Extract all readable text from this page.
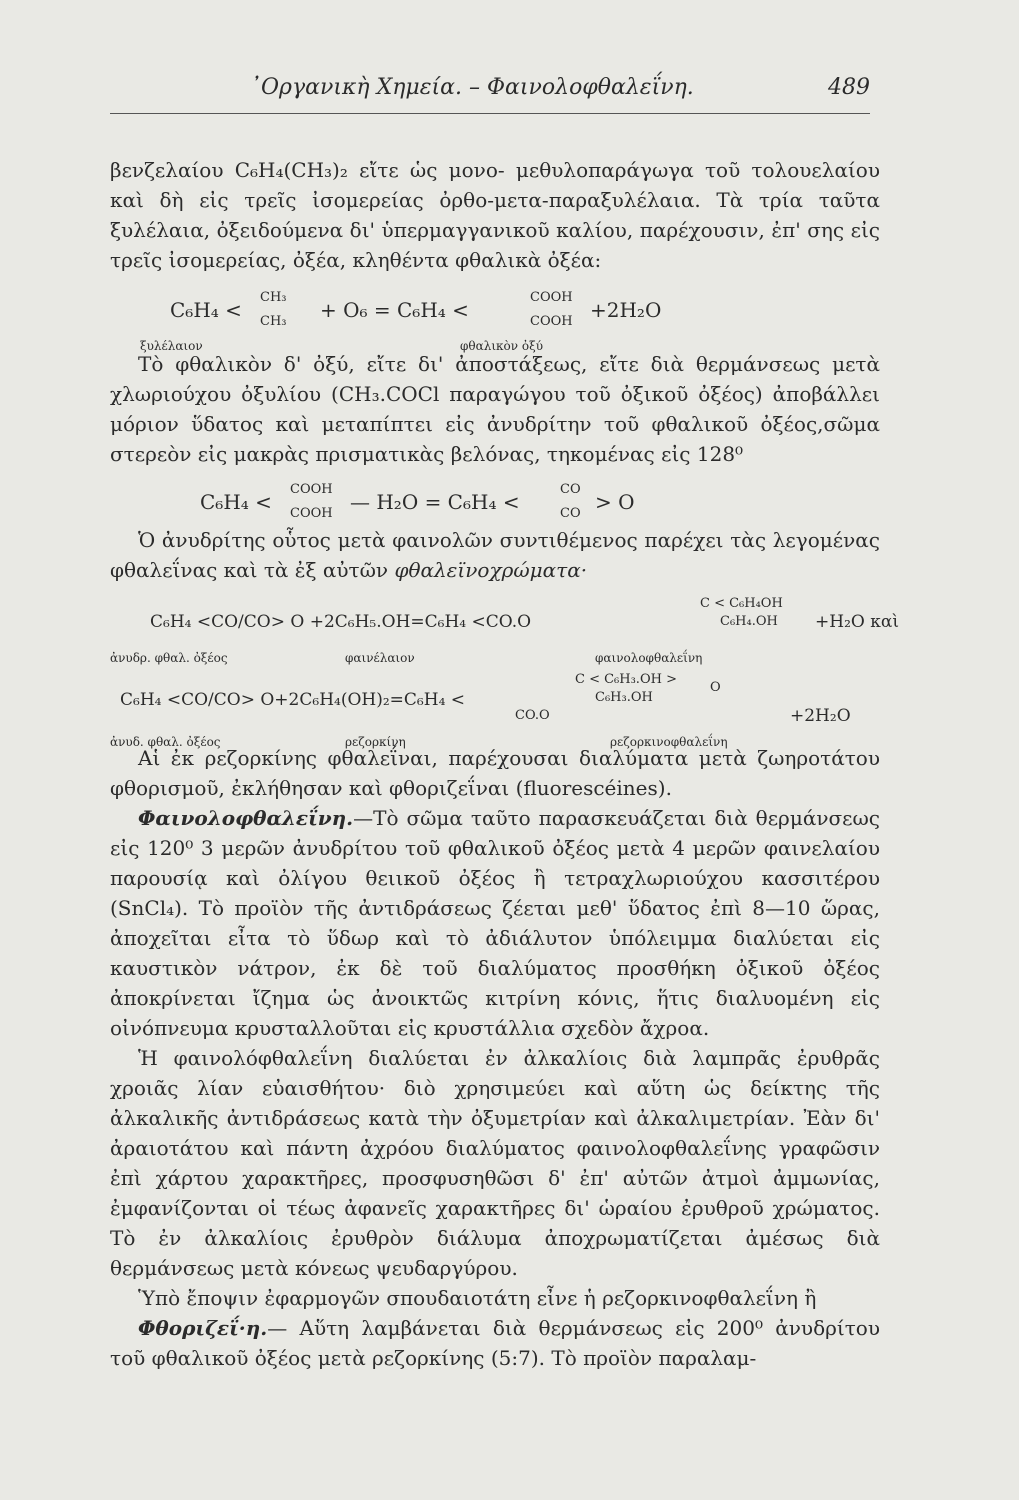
᾽Οργανικὴ Χημεία. – Φαινολοφθαλεΐνη.	489

βενζελαίου C₆H₄(CH₃)₂ εἴτε ὡς μονο- μεθυλοπαράγωγα τοῦ τολουελαίου καὶ δὴ εἰς τρεῖς ἰσομερείας ὀρθο-μετα-παραξυλέλαια. Τὰ τρία ταῦτα ξυλέλαια, ὀξειδούμενα δι' ὑπερμαγγανικοῦ καλίου, παρέχουσιν, ἐπ' σης εἰς τρεῖς ἰσομερείας, ὀξέα, κληθέντα φθαλικὰ ὀξέα:

C₆H₄ <
CH₃
CH₃ + O₆ = C₆H₄ <
COOH
COOH +2H₂O
ξυλέλαιον	φθαλικὸν ὀξύ

Τὸ φθαλικὸν δ' ὀξύ, εἴτε δι' ἀποστάξεως, εἴτε διὰ θερμάνσεως μετὰ χλωριούχου ὀξυλίου (CH₃.COCl παραγώγου τοῦ ὀξικοῦ ὀξέος) ἀποβάλλει μόριον ὕδατος καὶ μεταπίπτει εἰς ἀνυδρίτην τοῦ φθαλικοῦ ὀξέος,σῶμα στερεὸν εἰς μακρὰς πρισματικὰς βελόνας, τηκομένας εἰς 128⁰

C₆H₄ <
COOH
COOH — H₂O = C₆H₄ <
CO
CO > O

Ὁ ἀνυδρίτης οὗτος μετὰ φαινολῶν συντιθέμενος παρέχει τὰς λεγομένας φθαλεΐνας καὶ τὰ ἐξ αὐτῶν φθαλεϊνοχρώματα·

C₆H₄ <CO/CO> O +2C₆H₅.OH=C₆H₄ <CO.O
C < C₆H₄OH
C₆H₄.OH +H₂O καὶ
ἀνυδρ. φθαλ. ὀξέος	φαινέλαιον	φαινολοφθαλεΐνη
C₆H₄ <CO/CO> O+2C₆H₄(OH)₂=C₆H₄ <
C < C₆H₃.OH >
C₆H₃.OH
O
CO.O	+2H₂O
ἀνυδ. φθαλ. ὀξέος	ρεζορκίνη	ρεζορκινοφθαλεΐνη

Αἱ ἐκ ρεζορκίνης φθαλεΐναι, παρέχουσαι διαλύματα μετὰ ζωηροτάτου φθορισμοῦ, ἐκλήθησαν καὶ φθοριζεΐναι (fluorescéines).

Φαινολοφθαλεΐνη.—Τὸ σῶμα ταῦτο παρασκευάζεται διὰ θερμάνσεως εἰς 120⁰ 3 μερῶν ἀνυδρίτου τοῦ φθαλικοῦ ὀξέος μετὰ 4 μερῶν φαινελαίου παρουσίᾳ καὶ ὀλίγου θειικοῦ ὀξέος ἢ τετραχλωριούχου κασσιτέρου (SnCl₄). Τὸ προϊὸν τῆς ἀντιδράσεως ζέεται μεθ' ὕδατος ἐπὶ 8—10 ὥρας, ἀποχεῖται εἶτα τὸ ὕδωρ καὶ τὸ ἀδιάλυτον ὑπόλειμμα διαλύεται εἰς καυστικὸν νάτρον, ἐκ δὲ τοῦ διαλύματος προσθήκη ὀξικοῦ ὀξέος ἀποκρίνεται ἴζημα ὡς ἀνοικτῶς κιτρίνη κόνις, ἥτις διαλυομένη εἰς οἰνόπνευμα κρυσταλλοῦται εἰς κρυστάλλια σχεδὸν ἄχροα.

Ἡ φαινολόφθαλεΐνη διαλύεται ἐν ἀλκαλίοις διὰ λαμπρᾶς ἐρυθρᾶς χροιᾶς λίαν εὐαισθήτου· διὸ χρησιμεύει καὶ αὕτη ὡς δείκτης τῆς ἀλκαλικῆς ἀντιδράσεως κατὰ τὴν ὀξυμετρίαν καὶ ἀλκαλιμετρίαν. Ἐὰν δι' ἀραιοτάτου καὶ πάντη ἀχρόου διαλύματος φαινολοφθαλεΐνης γραφῶσιν ἐπὶ χάρτου χαρακτῆρες, προσφυσηθῶσι δ' ἐπ' αὐτῶν ἀτμοὶ ἀμμωνίας, ἐμφανίζονται οἱ τέως ἀφανεῖς χαρακτῆρες δι' ὡραίου ἐρυθροῦ χρώματος. Τὸ ἐν ἀλκαλίοις ἐρυθρὸν διάλυμα ἀποχρωματίζεται ἀμέσως διὰ θερμάνσεως μετὰ κόνεως ψευδαργύρου.

Ὑπὸ ἔποψιν ἐφαρμογῶν σπουδαιοτάτη εἶνε ἡ ρεζορκινοφθαλεΐνη ἢ

Φθοριζεΐ·η.— Αὕτη λαμβάνεται διὰ θερμάνσεως εἰς 200⁰ ἀνυδρίτου τοῦ φθαλικοῦ ὀξέος μετὰ ρεζορκίνης (5:7). Τὸ προϊὸν παραλαμ-
